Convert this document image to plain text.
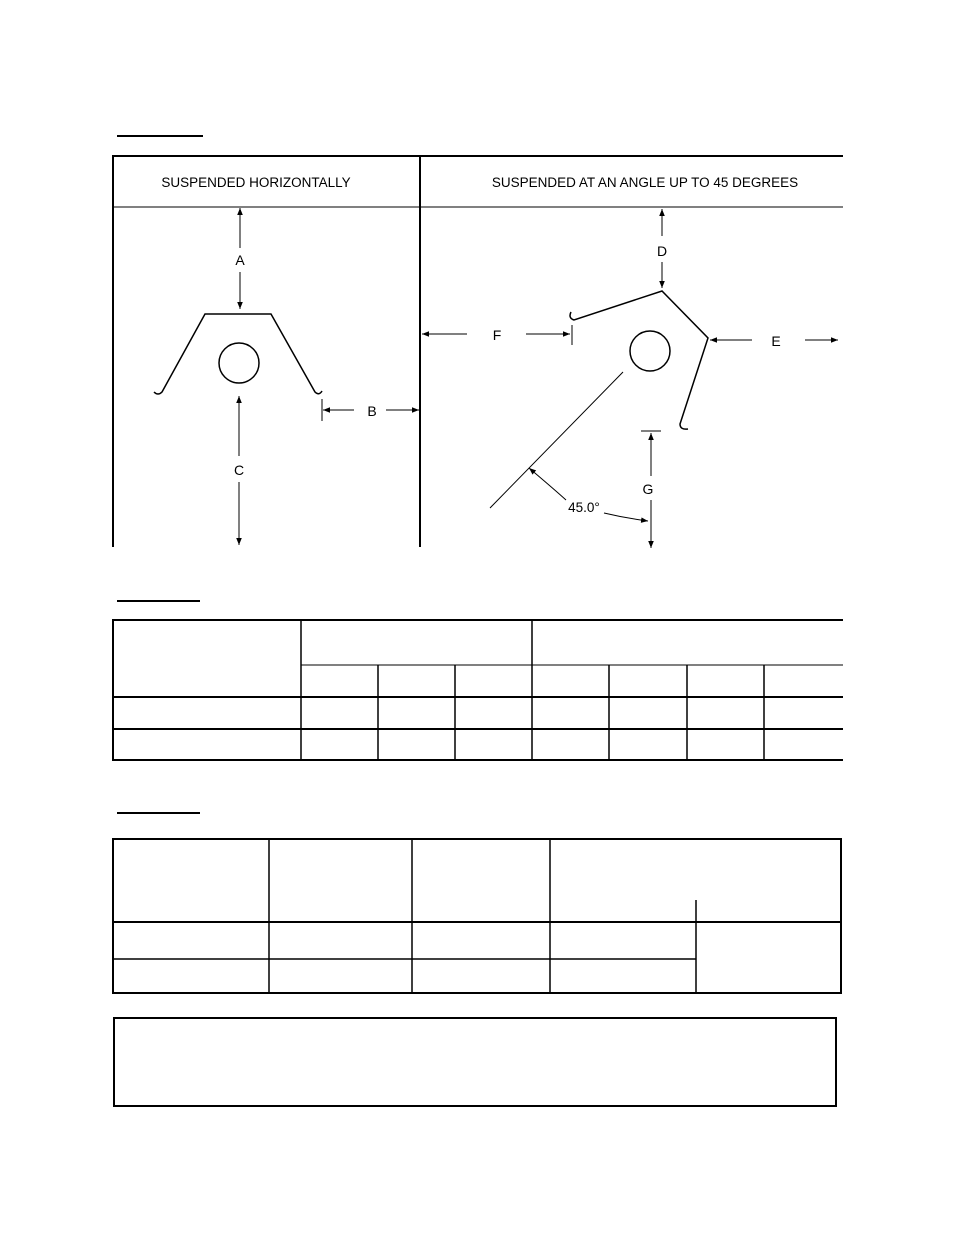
SUSPENDED HORIZONTALLY	SUSPENDED AT AN ANGLE UP TO 45 DEGREES
A
C
B
D
E
F
G
45.0°
